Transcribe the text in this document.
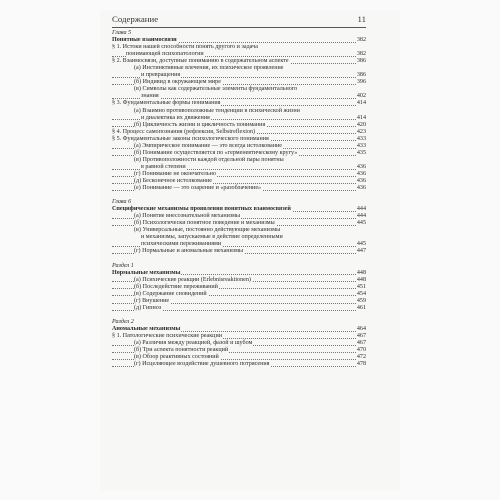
Содержание	11
Глава 5
Понятные взаимосвязи	382
§ 1. Истоки нашей способности понять другого и задача
понимающей психопатологии	382
§ 2. Взаимосвязи, доступные пониманию в содержательном аспекте	386
(а) Инстинктивные влечения, их психическое проявление
и превращения	386
(б) Индивид в окружающем мире	396
(в) Символы как содержательные элементы фундаментального
знания	402
§ 3. Фундаментальные формы понимания	414
(а) Взаимно противоположные тенденции в психической жизни
и диалектика их движения	414
(б) Цикличность жизни и цикличность понимания	420
§ 4. Процесс самопознания (рефлексия, Selbstreflexion)	423
§ 5. Фундаментальные законы психологического понимания	433
(а) Эмпирическое понимание — это всегда истолкование	433
(б) Понимание осуществляется по «герменевтическому кругу»	435
(в) Противоположности каждой отдельной пары понятны
в равной степени	436
(г) Понимание не окончательно	436
(д) Бесконечное истолкование	436
(е) Понимание — это озарение и «разоблачение»	436
Глава 6
Специфические механизмы проявления понятных взаимосвязей	444
(а) Понятие внесознательной механизмы	444
(б) Психологически понятное поведение и механизмы	445
(в) Универсальные, постоянно действующие механизмы
и механизмы, запускаемые в действие определенными
психическими переживаниями	445
(г) Нормальные и аномальные механизмы	447
Раздел 1
Нормальные механизмы	448
(а) Психические реакции (Erlebnisreaktionen)	448
(б) Последействие переживаний	451
(в) Содержание сновидений	454
(г) Внушение	459
(д) Гипноз	461
Раздел 2
Аномальные механизмы	464
§ 1. Патологические психические реакции	467
(а) Различия между реакцией, фазой и шубом	467
(б) Три аспекта понятности реакций	470
(в) Обзор реактивных состояний	472
(г) Исцеляющее воздействие душевного потрясения	478
